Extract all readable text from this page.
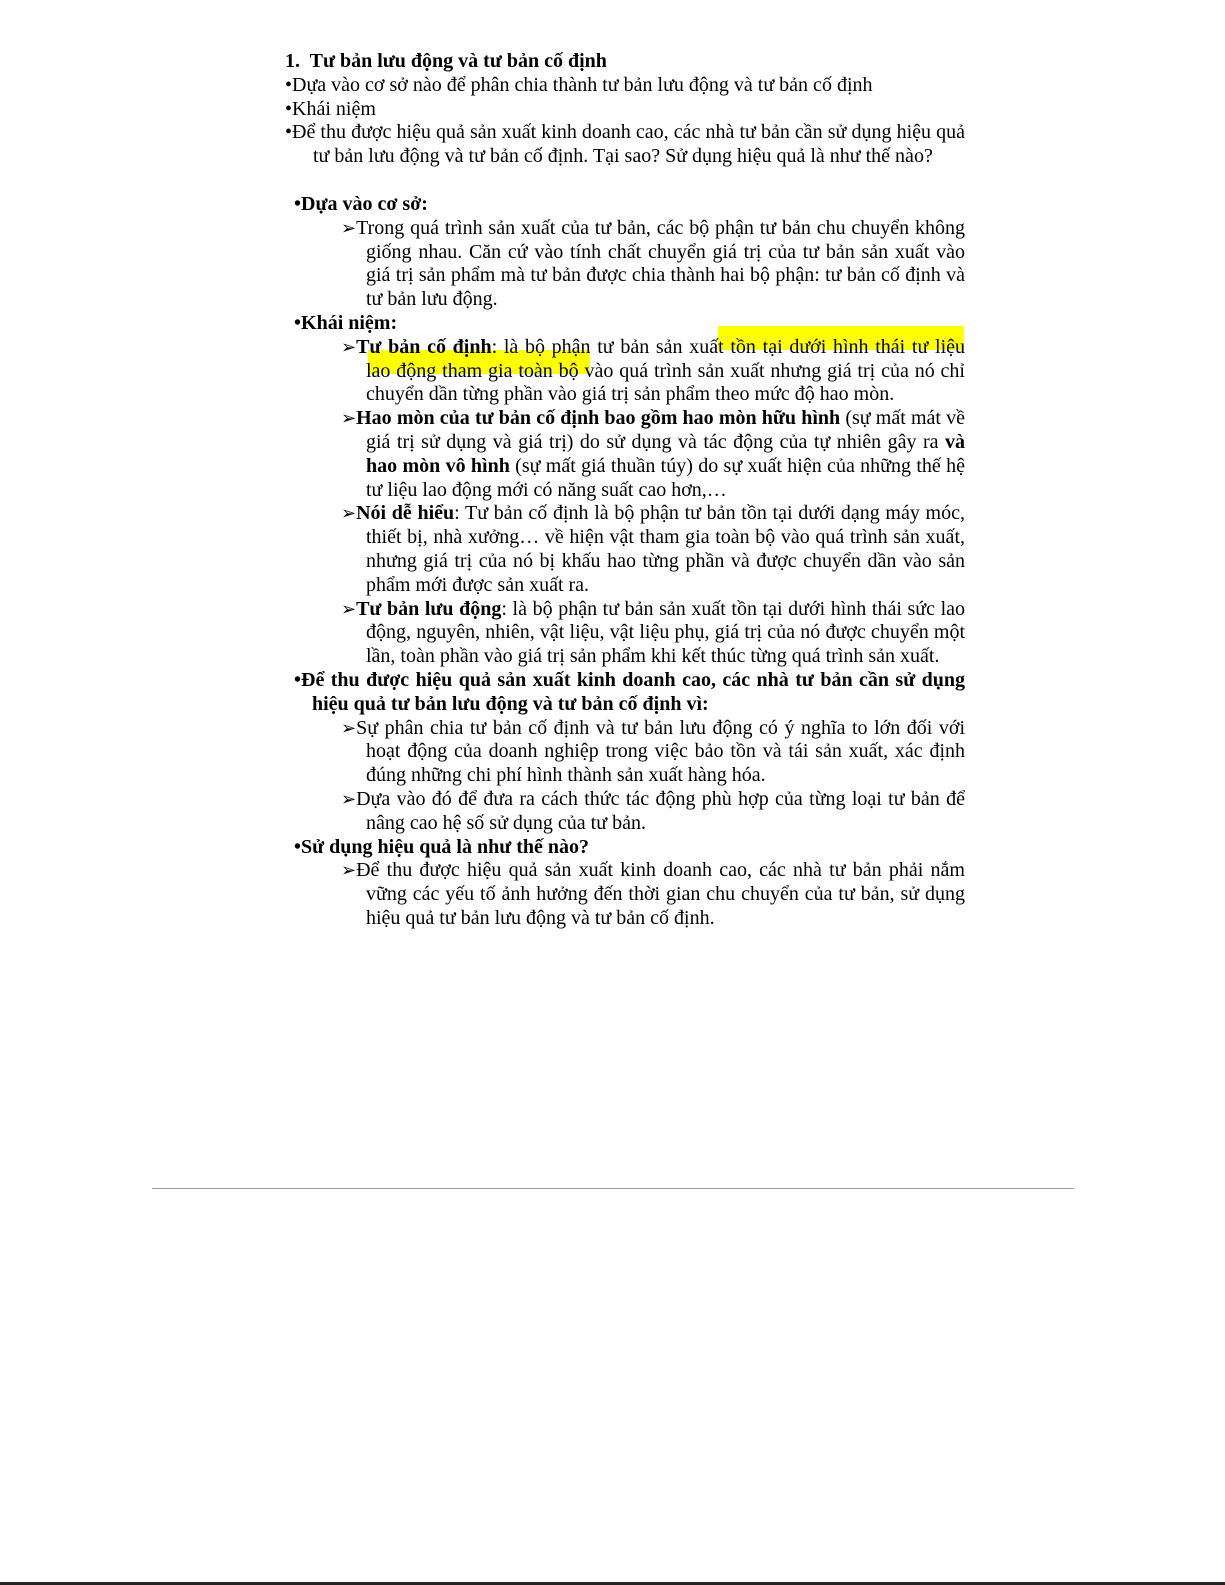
1. Tư bản lưu động và tư bản cố định

•Dựa vào cơ sở nào để phân chia thành tư bản lưu động và tư bản cố định

•Khái niệm

•Để thu được hiệu quả sản xuất kinh doanh cao, các nhà tư bản cần sử dụng hiệu quả tư bản lưu động và tư bản cố định. Tại sao? Sử dụng hiệu quả là như thế nào?

•Dựa vào cơ sở:

➢Trong quá trình sản xuất của tư bản, các bộ phận tư bản chu chuyển không giống nhau. Căn cứ vào tính chất chuyển giá trị của tư bản sản xuất vào giá trị sản phẩm mà tư bản được chia thành hai bộ phận: tư bản cố định và tư bản lưu động.

•Khái niệm:

➢Tư bản cố định: là bộ phận tư bản sản xuất tồn tại dưới hình thái tư liệu lao động tham gia toàn bộ vào quá trình sản xuất nhưng giá trị của nó chỉ chuyển dần từng phần vào giá trị sản phẩm theo mức độ hao mòn.

➢Hao mòn của tư bản cố định bao gồm hao mòn hữu hình (sự mất mát về giá trị sử dụng và giá trị) do sử dụng và tác động của tự nhiên gây ra và hao mòn vô hình (sự mất giá thuần túy) do sự xuất hiện của những thế hệ tư liệu lao động mới có năng suất cao hơn,…

➢Nói dễ hiểu: Tư bản cố định là bộ phận tư bản tồn tại dưới dạng máy móc, thiết bị, nhà xưởng… về hiện vật tham gia toàn bộ vào quá trình sản xuất, nhưng giá trị của nó bị khấu hao từng phần và được chuyển dần vào sản phẩm mới được sản xuất ra.

➢Tư bản lưu động: là bộ phận tư bản sản xuất tồn tại dưới hình thái sức lao động, nguyên, nhiên, vật liệu, vật liệu phụ, giá trị của nó được chuyển một lần, toàn phần vào giá trị sản phẩm khi kết thúc từng quá trình sản xuất.

•Để thu được hiệu quả sản xuất kinh doanh cao, các nhà tư bản cần sử dụng hiệu quả tư bản lưu động và tư bản cố định vì:

➢Sự phân chia tư bản cố định và tư bản lưu động có ý nghĩa to lớn đối với hoạt động của doanh nghiệp trong việc bảo tồn và tái sản xuất, xác định đúng những chi phí hình thành sản xuất hàng hóa.

➢Dựa vào đó để đưa ra cách thức tác động phù hợp của từng loại tư bản để nâng cao hệ số sử dụng của tư bản.

•Sử dụng hiệu quả là như thế nào?

➢Để thu được hiệu quả sản xuất kinh doanh cao, các nhà tư bản phải nắm vững các yếu tố ảnh hưởng đến thời gian chu chuyển của tư bản, sử dụng hiệu quả tư bản lưu động và tư bản cố định.
